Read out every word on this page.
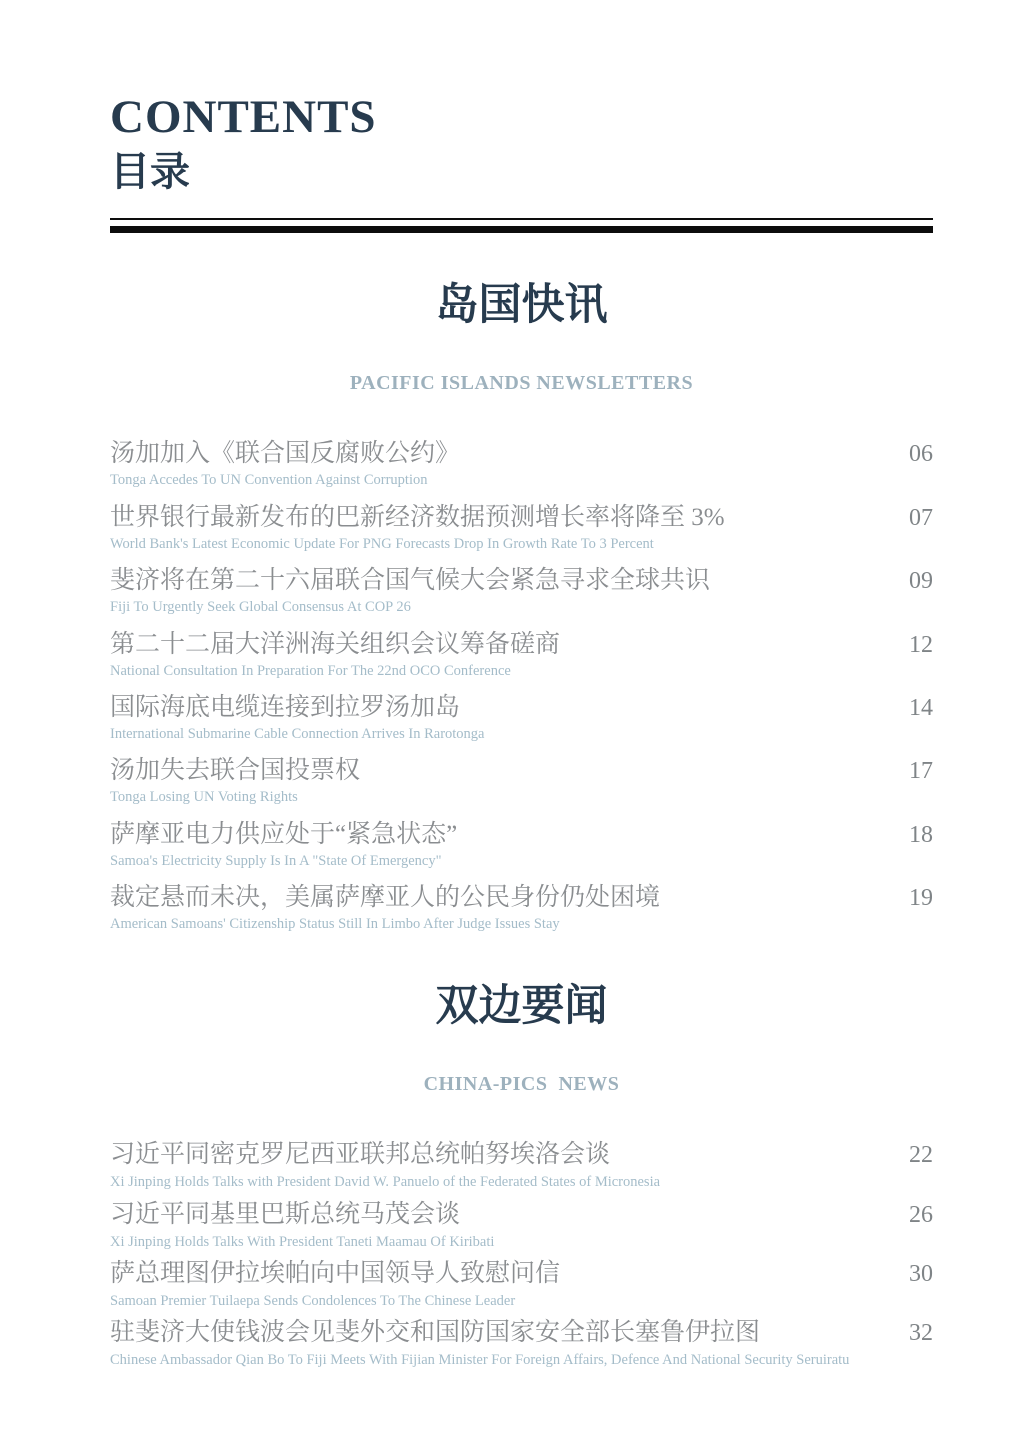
CONTENTS
目录
岛国快讯
PACIFIC ISLANDS NEWSLETTERS
汤加加入《联合国反腐败公约》	06
Tonga Accedes To UN Convention Against Corruption
世界银行最新发布的巴新经济数据预测增长率将降至 3%	07
World Bank's Latest Economic Update For PNG Forecasts Drop In Growth Rate To 3 Percent
斐济将在第二十六届联合国气候大会紧急寻求全球共识	09
Fiji To Urgently Seek Global Consensus At COP 26
第二十二届大洋洲海关组织会议筹备磋商	12
National Consultation In Preparation For The 22nd OCO Conference
国际海底电缆连接到拉罗汤加岛	14
International Submarine Cable Connection Arrives In Rarotonga
汤加失去联合国投票权	17
Tonga Losing UN Voting Rights
萨摩亚电力供应处于“紧急状态”	18
Samoa's Electricity Supply Is In A "State Of Emergency"
裁定悬而未决，美属萨摩亚人的公民身份仍处困境	19
American Samoans' Citizenship Status Still In Limbo After Judge Issues Stay
双边要闻
CHINA-PICS  NEWS
习近平同密克罗尼西亚联邦总统帕努埃洛会谈	22
Xi Jinping Holds Talks with President David W. Panuelo of the Federated States of Micronesia
习近平同基里巴斯总统马茂会谈	26
Xi Jinping Holds Talks With President Taneti Maamau Of Kiribati
萨总理图伊拉埃帕向中国领导人致慰问信	30
Samoan Premier Tuilaepa Sends Condolences To The Chinese Leader
驻斐济大使钱波会见斐外交和国防国家安全部长塞鲁伊拉图	32
Chinese Ambassador Qian Bo To Fiji Meets With Fijian Minister For Foreign Affairs, Defence And National Security Seruiratu
